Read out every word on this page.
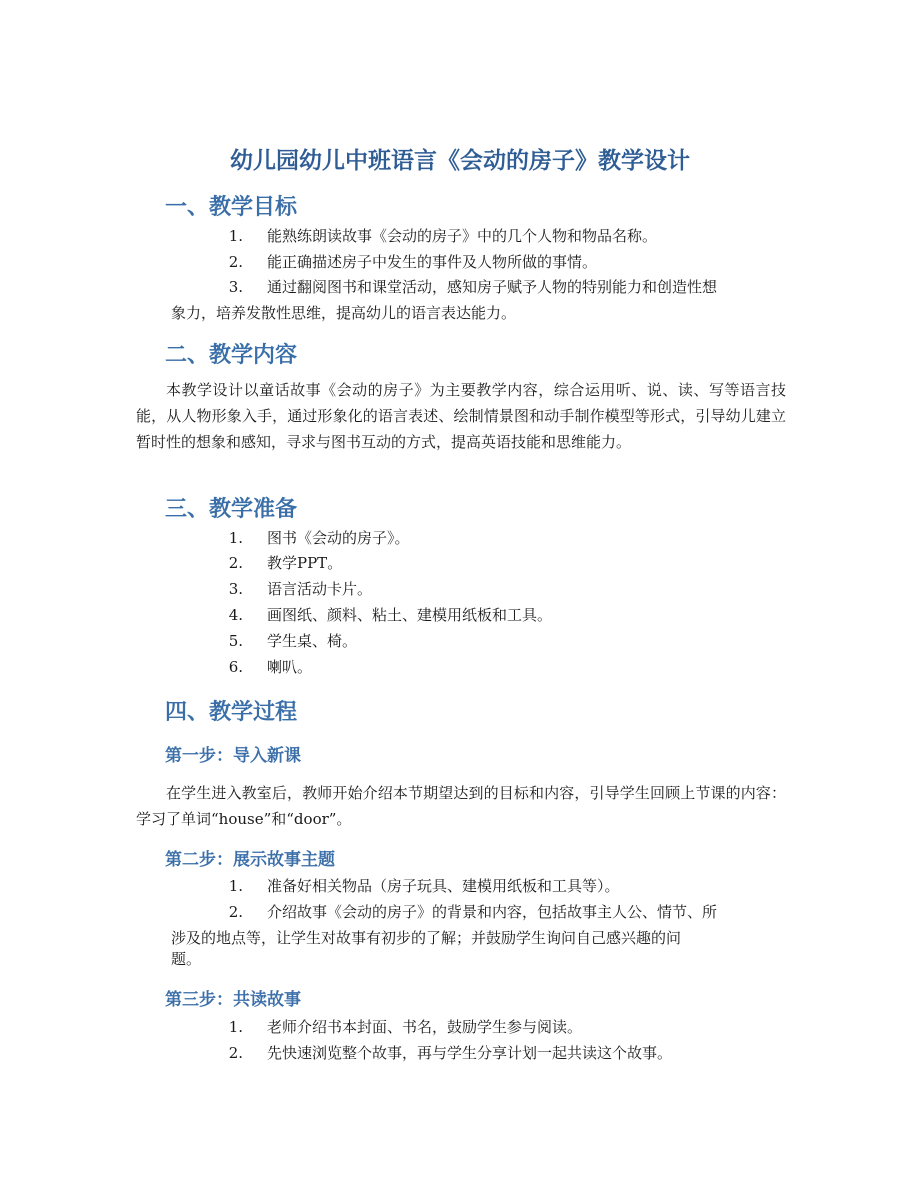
幼儿园幼儿中班语言《会动的房子》教学设计
一、教学目标
1. 能熟练朗读故事《会动的房子》中的几个人物和物品名称。
2. 能正确描述房子中发生的事件及人物所做的事情。
3. 通过翻阅图书和课堂活动，感知房子赋予人物的特别能力和创造性想
象力，培养发散性思维，提高幼儿的语言表达能力。
二、教学内容
本教学设计以童话故事《会动的房子》为主要教学内容，综合运用听、说、读、写等语言技能，从人物形象入手，通过形象化的语言表述、绘制情景图和动手制作模型等形式，引导幼儿建立暂时性的想象和感知，寻求与图书互动的方式，提高英语技能和思维能力。
三、教学准备
1. 图书《会动的房子》。
2. 教学PPT。
3. 语言活动卡片。
4. 画图纸、颜料、粘土、建模用纸板和工具。
5. 学生桌、椅。
6. 喇叭。
四、教学过程
第一步：导入新课
在学生进入教室后，教师开始介绍本节期望达到的目标和内容，引导学生回顾上节课的内容：学习了单词“house”和“door”。
第二步：展示故事主题
1. 准备好相关物品（房子玩具、建模用纸板和工具等）。
2. 介绍故事《会动的房子》的背景和内容，包括故事主人公、情节、所
涉及的地点等，让学生对故事有初步的了解；并鼓励学生询问自己感兴趣的问
题。
第三步：共读故事
1. 老师介绍书本封面、书名，鼓励学生参与阅读。
2. 先快速浏览整个故事，再与学生分享计划一起共读这个故事。
